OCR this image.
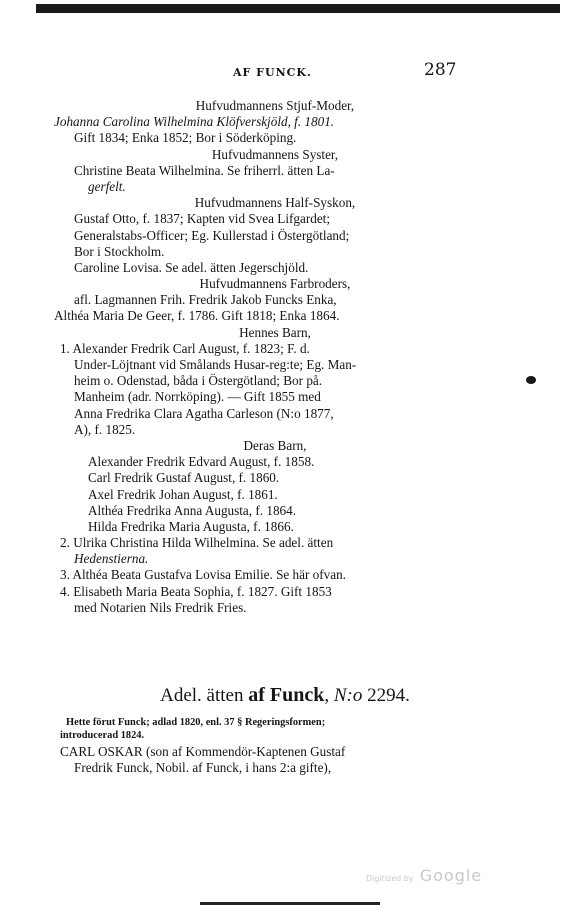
AF FUNCK.	287
Hufvudmannens Stjuf-Moder,
Johanna Carolina Wilhelmina Klöfverskjöld, f. 1801.
Gift 1834; Enka 1852; Bor i Söderköping.
Hufvudmannens Syster,
Christine Beata Wilhelmina. Se friherrl. ätten La-
gerfelt.
Hufvudmannens Half-Syskon,
Gustaf Otto, f. 1837; Kapten vid Svea Lifgardet;
Generalstabs-Officer; Eg. Kullerstad i Östergötland;
Bor i Stockholm.
Caroline Lovisa. Se adel. ätten Jegerschjöld.
Hufvudmannens Farbroders,
afl. Lagmannen Frih. Fredrik Jakob Funcks Enka,
Althéa Maria De Geer, f. 1786. Gift 1818; Enka 1864.
Hennes Barn,
1. Alexander Fredrik Carl August, f. 1823; F. d.
Under-Löjtnant vid Smålands Husar-reg:te; Eg. Man-
heim o. Odenstad, båda i Östergötland; Bor på.
Manheim (adr. Norrköping). — Gift 1855 med
Anna Fredrika Clara Agatha Carleson (N:o 1877,
A), f. 1825.
Deras Barn,
Alexander Fredrik Edvard August, f. 1858.
Carl Fredrik Gustaf August, f. 1860.
Axel Fredrik Johan August, f. 1861.
Althéa Fredrika Anna Augusta, f. 1864.
Hilda Fredrika Maria Augusta, f. 1866.
2. Ulrika Christina Hilda Wilhelmina. Se adel. ätten
Hedenstierna.
3. Althéa Beata Gustafva Lovisa Emilie. Se här ofvan.
4. Elisabeth Maria Beata Sophia, f. 1827. Gift 1853
med Notarien Nils Fredrik Fries.
Adel. ätten af Funck, N:o 2294.
Hette förut Funck; adlad 1820, enl. 37 § Regeringsformen;
introducerad 1824.
CARL OSKAR (son af Kommendör-Kaptenen Gustaf
Fredrik Funck, Nobil. af Funck, i hans 2:a gifte),
Digitized by Google
